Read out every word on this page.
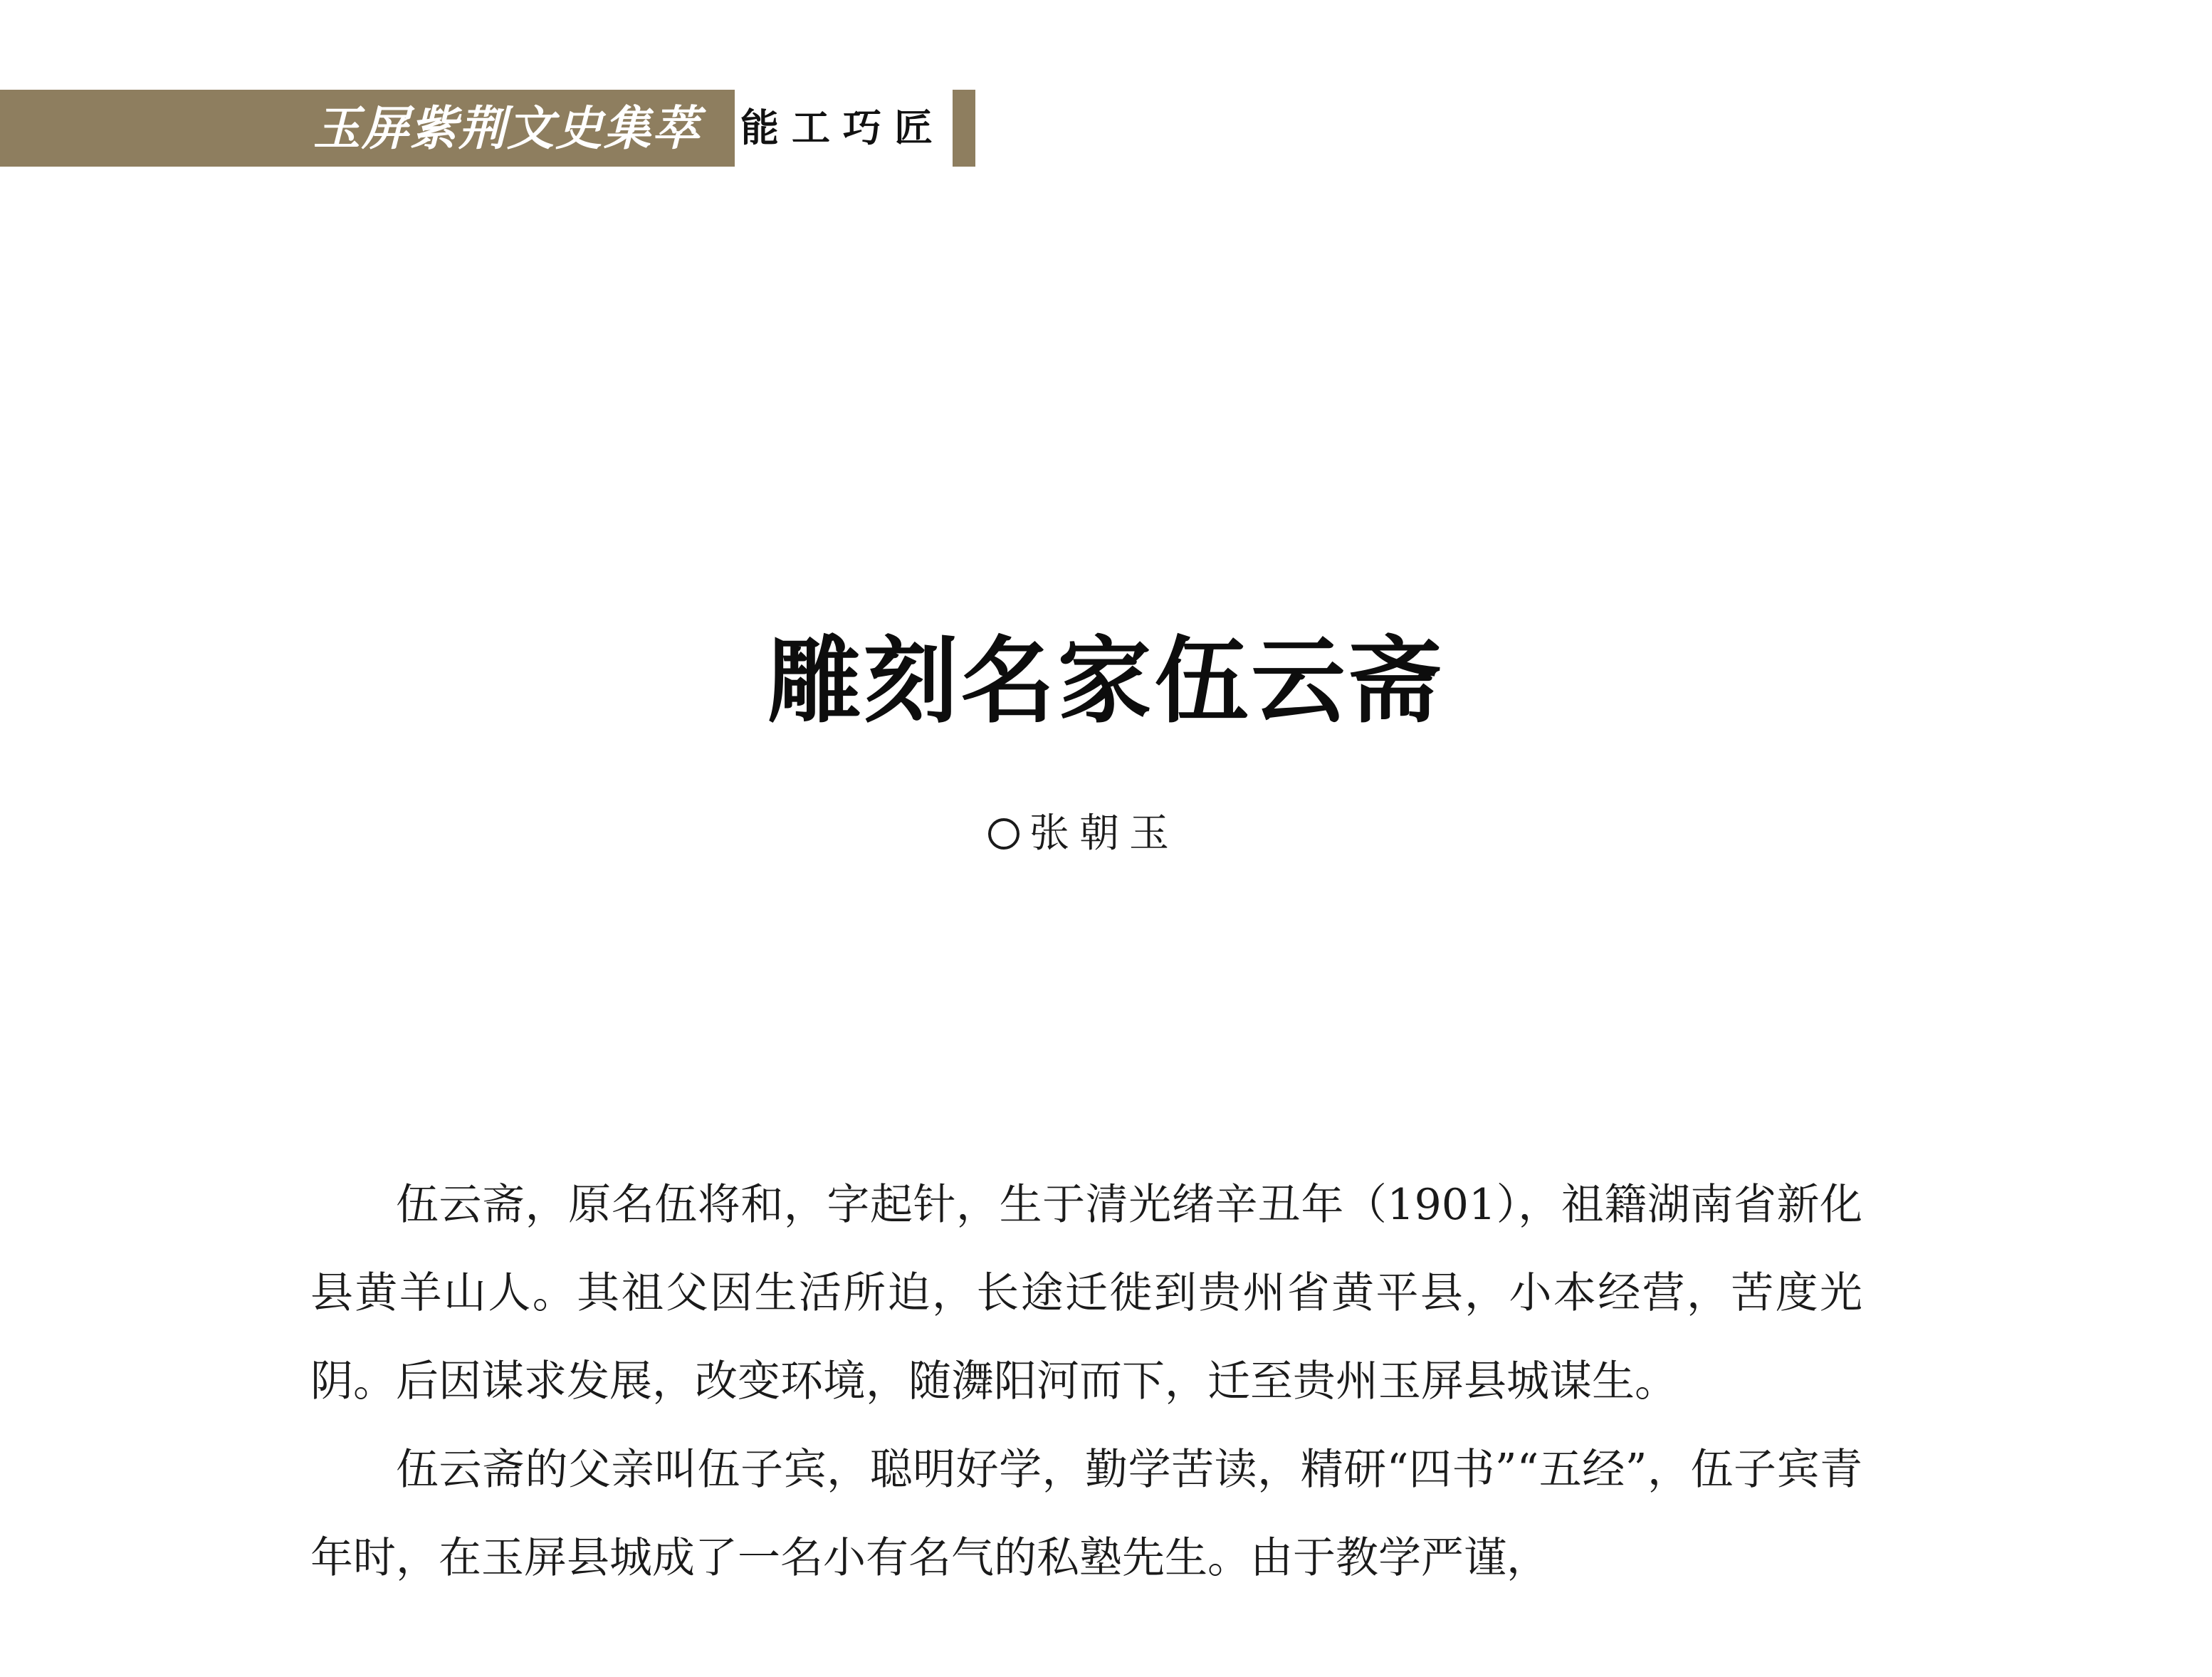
玉屏紫荆文史集萃 能工巧匠
雕刻名家伍云斋
张朝玉

伍云斋，原名伍将和，字起针，生于清光绪辛丑年（1901），祖籍湖南省新化县黄羊山人。其祖父因生活所迫，长途迁徙到贵州省黄平县，小本经营，苦度光阴。后因谋求发展，改变环境，随㵲阳河而下，迁至贵州玉屏县城谋生。

伍云斋的父亲叫伍子宾，聪明好学，勤学苦读，精研“四书”“五经”，伍子宾青年时，在玉屏县城成了一名小有名气的私塾先生。由于教学严谨，
